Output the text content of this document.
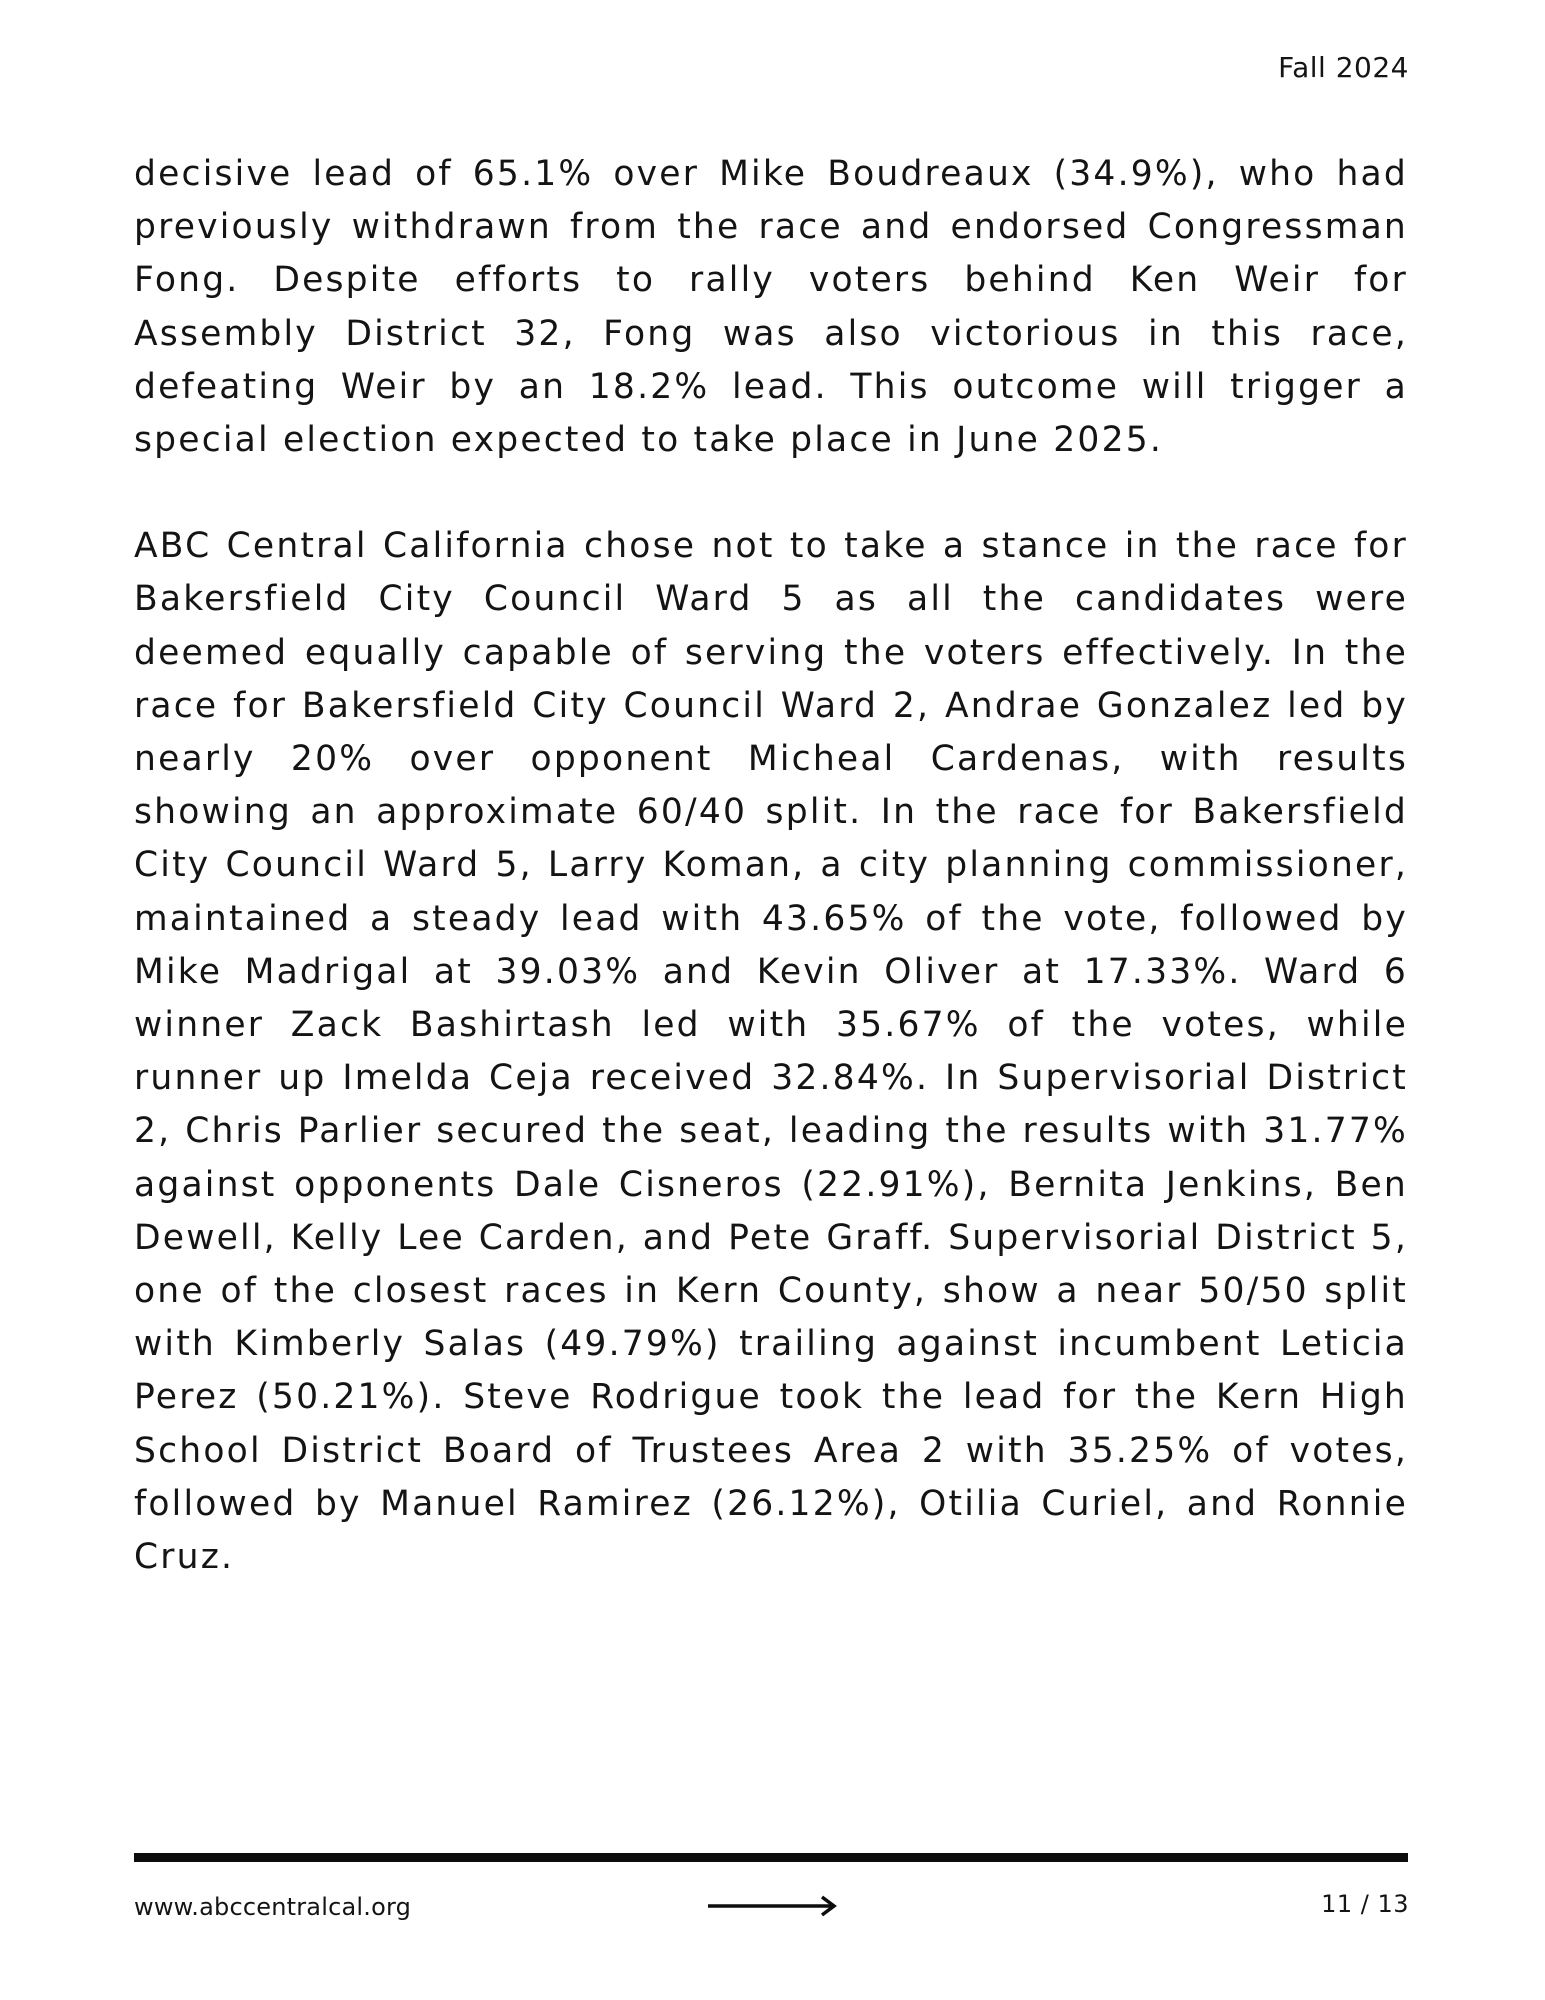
Fall 2024

decisive lead of 65.1% over Mike Boudreaux (34.9%), who had previously withdrawn from the race and endorsed Congressman Fong. Despite efforts to rally voters behind Ken Weir for Assembly District 32, Fong was also victorious in this race, defeating Weir by an 18.2% lead. This outcome will trigger a special election expected to take place in June 2025.

ABC Central California chose not to take a stance in the race for Bakersfield City Council Ward 5 as all the candidates were deemed equally capable of serving the voters effectively. In the race for Bakersfield City Council Ward 2, Andrae Gonzalez led by nearly 20% over opponent Micheal Cardenas, with results showing an approximate 60/40 split. In the race for Bakersfield City Council Ward 5, Larry Koman, a city planning commissioner, maintained a steady lead with 43.65% of the vote, followed by Mike Madrigal at 39.03% and Kevin Oliver at 17.33%. Ward 6 winner Zack Bashirtash led with 35.67% of the votes, while runner up Imelda Ceja received 32.84%. In Supervisorial District 2, Chris Parlier secured the seat, leading the results with 31.77% against opponents Dale Cisneros (22.91%), Bernita Jenkins, Ben Dewell, Kelly Lee Carden, and Pete Graff. Supervisorial District 5, one of the closest races in Kern County, show a near 50/50 split with Kimberly Salas (49.79%) trailing against incumbent Leticia Perez (50.21%). Steve Rodrigue took the lead for the Kern High School District Board of Trustees Area 2 with 35.25% of votes, followed by Manuel Ramirez (26.12%), Otilia Curiel, and Ronnie Cruz.

www.abccentralcal.org	11 / 13
